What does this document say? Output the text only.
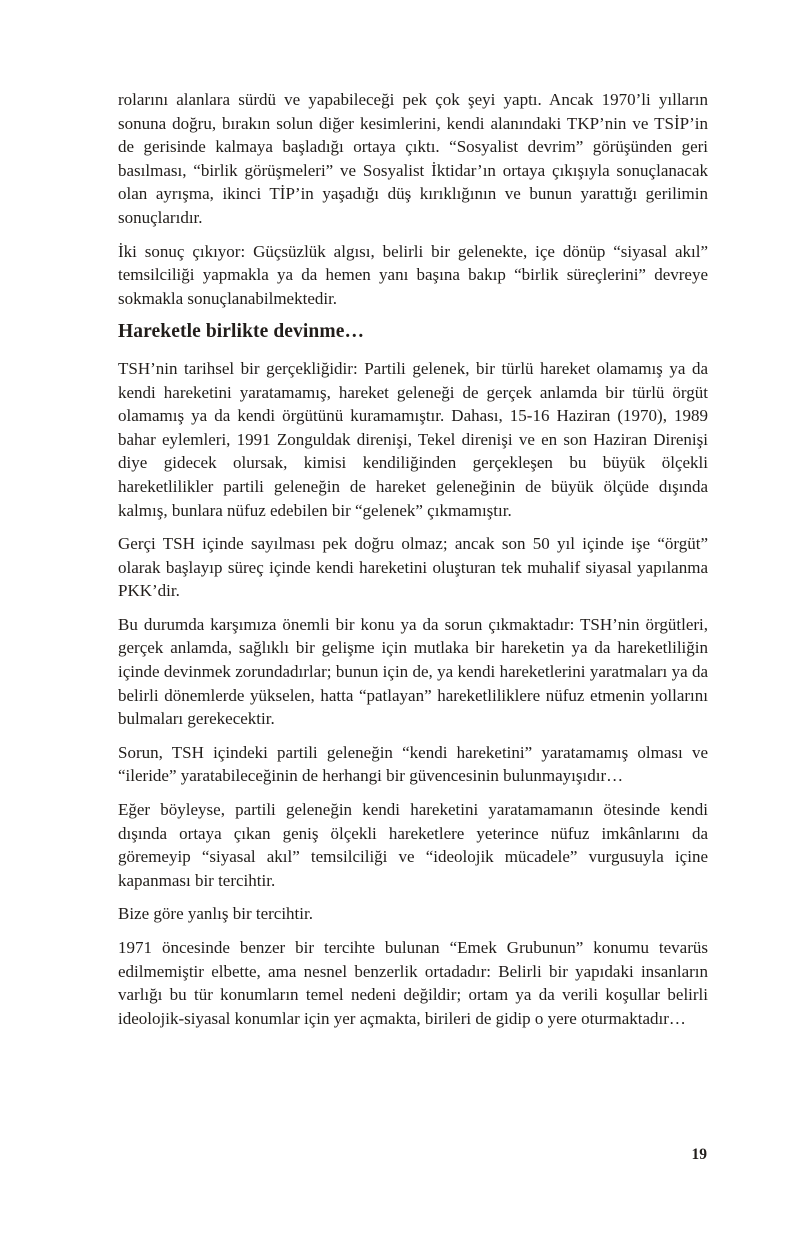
rolarını alanlara sürdü ve yapabileceği pek çok şeyi yaptı. Ancak 1970’li yılların sonuna doğru, bırakın solun diğer kesimlerini, kendi alanındaki TKP’nin ve TSİP’in de gerisinde kalmaya başladığı ortaya çıktı. “Sosyalist devrim” görüşünden geri basılması, “birlik görüşmeleri” ve Sosyalist İktidar’ın ortaya çıkışıyla sonuçlanacak olan ayrışma, ikinci TİP’in yaşadığı düş kırıklığının ve bunun yarattığı gerilimin sonuçlarıdır.

İki sonuç çıkıyor: Güçsüzlük algısı, belirli bir gelenekte, içe dönüp “siyasal akıl” temsilciliği yapmakla ya da hemen yanı başına bakıp “birlik süreçlerini” devreye sokmakla sonuçlanabilmektedir.

Hareketle birlikte devinme…

TSH’nin tarihsel bir gerçekliğidir: Partili gelenek, bir türlü hareket olamamış ya da kendi hareketini yaratamamış, hareket geleneği de gerçek anlamda bir türlü örgüt olamamış ya da kendi örgütünü kuramamıştır. Dahası, 15-16 Haziran (1970), 1989 bahar eylemleri, 1991 Zonguldak direnişi, Tekel direnişi ve en son Haziran Direnişi diye gidecek olursak, kimisi kendiliğinden gerçekleşen bu büyük ölçekli hareketlilikler partili geleneğin de hareket geleneğinin de büyük ölçüde dışında kalmış, bunlara nüfuz edebilen bir “gelenek” çıkmamıştır.

Gerçi TSH içinde sayılması pek doğru olmaz; ancak son 50 yıl içinde işe “örgüt” olarak başlayıp süreç içinde kendi hareketini oluşturan tek muhalif siyasal yapılanma PKK’dir.

Bu durumda karşımıza önemli bir konu ya da sorun çıkmaktadır: TSH’nin örgütleri, gerçek anlamda, sağlıklı bir gelişme için mutlaka bir hareketin ya da hareketliliğin içinde devinmek zorundadırlar; bunun için de, ya kendi hareketlerini yaratmaları ya da belirli dönemlerde yükselen, hatta “patlayan” hareketliliklere nüfuz etmenin yollarını bulmaları gerekecektir.

Sorun, TSH içindeki partili geleneğin “kendi hareketini” yaratamamış olması ve “ileride” yaratabileceğinin de herhangi bir güvencesinin bulunmayışıdır…

Eğer böyleyse, partili geleneğin kendi hareketini yaratamamanın ötesinde kendi dışında ortaya çıkan geniş ölçekli hareketlere yeterince nüfuz imkânlarını da göremeyip “siyasal akıl” temsilciliği ve “ideolojik mücadele” vurgusuyla içine kapanması bir tercihtir.

Bize göre yanlış bir tercihtir.

1971 öncesinde benzer bir tercihte bulunan “Emek Grubunun” konumu tevarüs edilmemiştir elbette, ama nesnel benzerlik ortadadır: Belirli bir yapıdaki insanların varlığı bu tür konumların temel nedeni değildir; ortam ya da verili koşullar belirli ideolojik-siyasal konumlar için yer açmakta, birileri de gidip o yere oturmaktadır…

19
